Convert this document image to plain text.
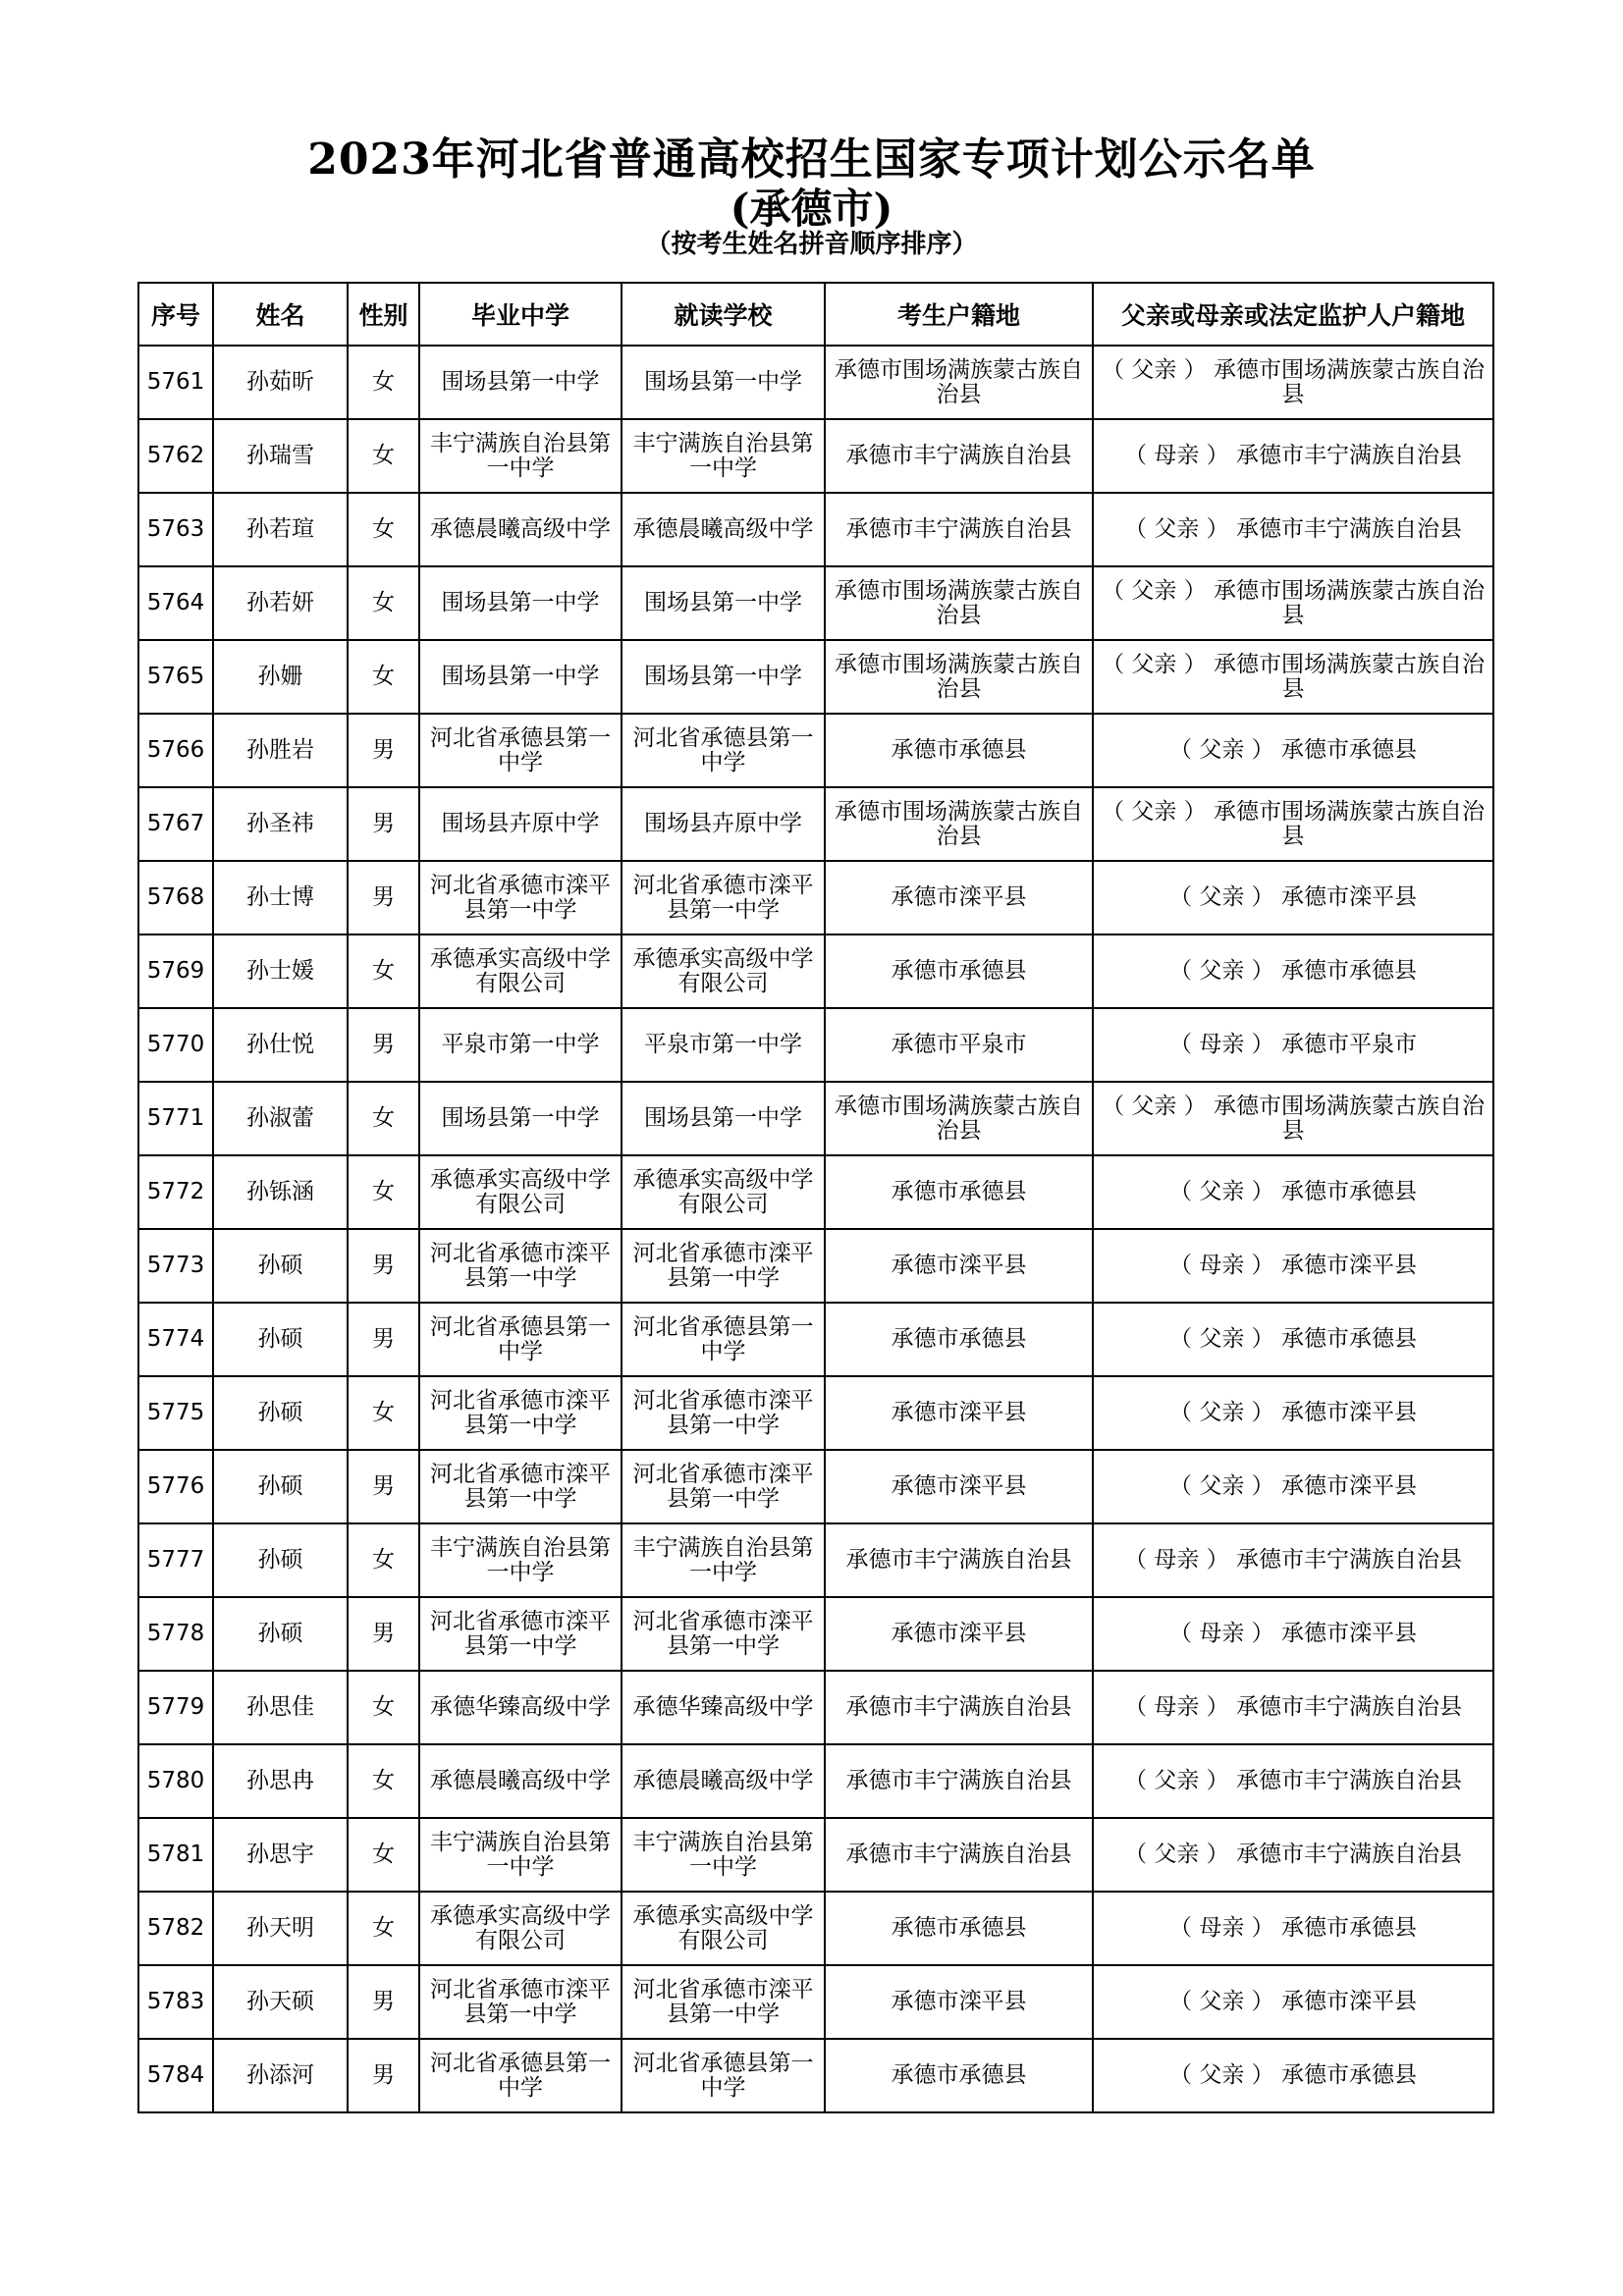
2023年河北省普通高校招生国家专项计划公示名单
(承德市)
（按考生姓名拼音顺序排序）
序号	姓名	性别	毕业中学	就读学校	考生户籍地	父亲或母亲或法定监护人户籍地
5761	孙茹昕	女	围场县第一中学	围场县第一中学	承德市围场满族蒙古族自治县	（ 父亲 ） 承德市围场满族蒙古族自治县
5762	孙瑞雪	女	丰宁满族自治县第一中学	丰宁满族自治县第一中学	承德市丰宁满族自治县	（ 母亲 ） 承德市丰宁满族自治县
5763	孙若瑄	女	承德晨曦高级中学	承德晨曦高级中学	承德市丰宁满族自治县	（ 父亲 ） 承德市丰宁满族自治县
5764	孙若妍	女	围场县第一中学	围场县第一中学	承德市围场满族蒙古族自治县	（ 父亲 ） 承德市围场满族蒙古族自治县
5765	孙姗	女	围场县第一中学	围场县第一中学	承德市围场满族蒙古族自治县	（ 父亲 ） 承德市围场满族蒙古族自治县
5766	孙胜岩	男	河北省承德县第一中学	河北省承德县第一中学	承德市承德县	（ 父亲 ） 承德市承德县
5767	孙圣祎	男	围场县卉原中学	围场县卉原中学	承德市围场满族蒙古族自治县	（ 父亲 ） 承德市围场满族蒙古族自治县
5768	孙士博	男	河北省承德市滦平县第一中学	河北省承德市滦平县第一中学	承德市滦平县	（ 父亲 ） 承德市滦平县
5769	孙士媛	女	承德承实高级中学有限公司	承德承实高级中学有限公司	承德市承德县	（ 父亲 ） 承德市承德县
5770	孙仕悦	男	平泉市第一中学	平泉市第一中学	承德市平泉市	（ 母亲 ） 承德市平泉市
5771	孙淑蕾	女	围场县第一中学	围场县第一中学	承德市围场满族蒙古族自治县	（ 父亲 ） 承德市围场满族蒙古族自治县
5772	孙铄涵	女	承德承实高级中学有限公司	承德承实高级中学有限公司	承德市承德县	（ 父亲 ） 承德市承德县
5773	孙硕	男	河北省承德市滦平县第一中学	河北省承德市滦平县第一中学	承德市滦平县	（ 母亲 ） 承德市滦平县
5774	孙硕	男	河北省承德县第一中学	河北省承德县第一中学	承德市承德县	（ 父亲 ） 承德市承德县
5775	孙硕	女	河北省承德市滦平县第一中学	河北省承德市滦平县第一中学	承德市滦平县	（ 父亲 ） 承德市滦平县
5776	孙硕	男	河北省承德市滦平县第一中学	河北省承德市滦平县第一中学	承德市滦平县	（ 父亲 ） 承德市滦平县
5777	孙硕	女	丰宁满族自治县第一中学	丰宁满族自治县第一中学	承德市丰宁满族自治县	（ 母亲 ） 承德市丰宁满族自治县
5778	孙硕	男	河北省承德市滦平县第一中学	河北省承德市滦平县第一中学	承德市滦平县	（ 母亲 ） 承德市滦平县
5779	孙思佳	女	承德华臻高级中学	承德华臻高级中学	承德市丰宁满族自治县	（ 母亲 ） 承德市丰宁满族自治县
5780	孙思冉	女	承德晨曦高级中学	承德晨曦高级中学	承德市丰宁满族自治县	（ 父亲 ） 承德市丰宁满族自治县
5781	孙思宇	女	丰宁满族自治县第一中学	丰宁满族自治县第一中学	承德市丰宁满族自治县	（ 父亲 ） 承德市丰宁满族自治县
5782	孙天明	女	承德承实高级中学有限公司	承德承实高级中学有限公司	承德市承德县	（ 母亲 ） 承德市承德县
5783	孙天硕	男	河北省承德市滦平县第一中学	河北省承德市滦平县第一中学	承德市滦平县	（ 父亲 ） 承德市滦平县
5784	孙添河	男	河北省承德县第一中学	河北省承德县第一中学	承德市承德县	（ 父亲 ） 承德市承德县
